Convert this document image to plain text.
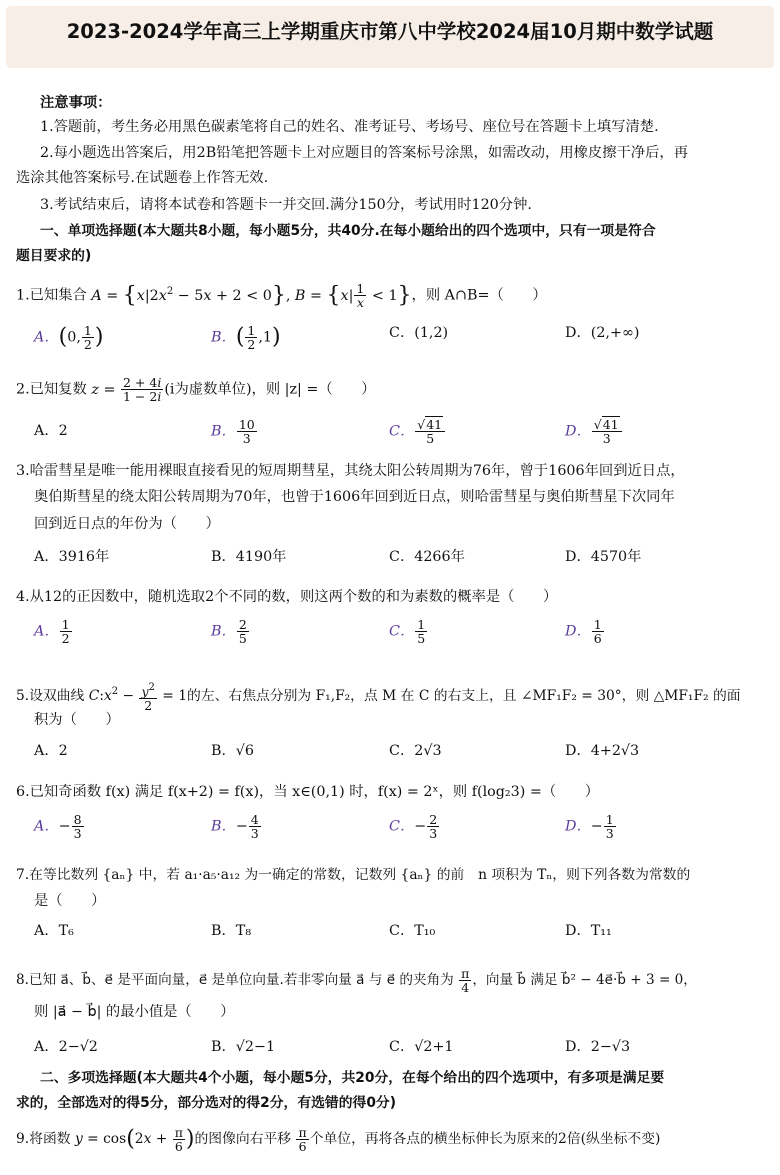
2023-2024学年高三上学期重庆市第八中学校2024届10月期中数学试题
注意事项：
1.答题前，考生务必用黑色碳素笔将自己的姓名、准考证号、考场号、座位号在答题卡上填写清楚.
2.每小题选出答案后，用2B铅笔把答题卡上对应题目的答案标号涂黑，如需改动，用橡皮擦干净后，再
选涂其他答案标号.在试题卷上作答无效.
3.考试结束后，请将本试卷和答题卡一并交回.满分150分，考试用时120分钟.
一、单项选择题(本大题共8小题，每小题5分，共40分.在每小题给出的四个选项中，只有一项是符合
题目要求的)
1.已知集合 $A = \{x|2x^2 - 5x + 2 < 0\}$, $B = \{x| \frac{1}{x} < 1\}$，则 A∩B=（　　）
A．(0, $\frac{1}{2}$ )	B．( $\frac{1}{2} ,1$)	C．(1,2)	D．(2,+∞)
2.已知复数 $z = \frac{2 + 4i}{1 - 2i} (i$为虚数单位)，则 |z| =（　　）
A．2	B． $\frac{10}{3}$	C． $\frac{√41}{5}$	D． $\frac{√41}{3}$
3.哈雷彗星是唯一能用裸眼直接看见的短周期彗星，其绕太阳公转周期为76年，曾于1606年回到近日点，
奥伯斯彗星的绕太阳公转周期为70年，也曾于1606年回到近日点，则哈雷彗星与奥伯斯彗星下次同年
回到近日点的年份为（　　）
A．3916年	B．4190年	C．4266年	D．4570年
4.从12的正因数中，随机选取2个不同的数，则这两个数的和为素数的概率是（　　）
A． $\frac{1}{2}$	B． $\frac{2}{5}$	C． $\frac{1}{5}$	D． $\frac{1}{6}$
5.设双曲线 $C:x^2 - \frac{y^2}{2} = 1$的左、右焦点分别为 F₁,F₂，点 M 在 C 的右支上，且 ∠MF₁F₂ = 30°，则 △MF₁F₂ 的面
积为（　　）
A．2	B．√6	C．2√3	D．4+2√3
6.已知奇函数 f(x) 满足 f(x+2) = f(x)，当 x∈(0,1) 时，f(x) = 2ˣ，则 f(log₂3) =（　　）
A．− $\frac{8}{3}$	B．− $\frac{4}{3}$	C．− $\frac{2}{3}$	D．− $\frac{1}{3}$
7.在等比数列 {aₙ} 中，若 a₁·a₅·a₁₂ 为一确定的常数，记数列 {aₙ} 的前　n 项积为 Tₙ，则下列各数为常数的
是（　　）
A．T₆	B．T₈	C．T₁₀	D．T₁₁
8.已知 a⃗、b⃗、e⃗ 是平面向量，e⃗ 是单位向量.若非零向量 a⃗ 与 e⃗ 的夹角为 $\frac{\pi}{4}$ ，向量 b⃗ 满足 b⃗² − 4e⃗·b⃗ + 3 = 0，
则 |a⃗ − b⃗| 的最小值是（　　）
A．2−√2	B．√2−1	C．√2+1	D．2−√3
二、多项选择题(本大题共4个小题，每小题5分，共20分，在每个给出的四个选项中，有多项是满足要
求的，全部选对的得5分，部分选对的得2分，有选错的得0分)
9.将函数 $y = \cos(2x + \frac{\pi}{6}$ )的图像向右平移 $\frac{\pi}{6}$ 个单位，再将各点的横坐标伸长为原来的2倍(纵坐标不变)
